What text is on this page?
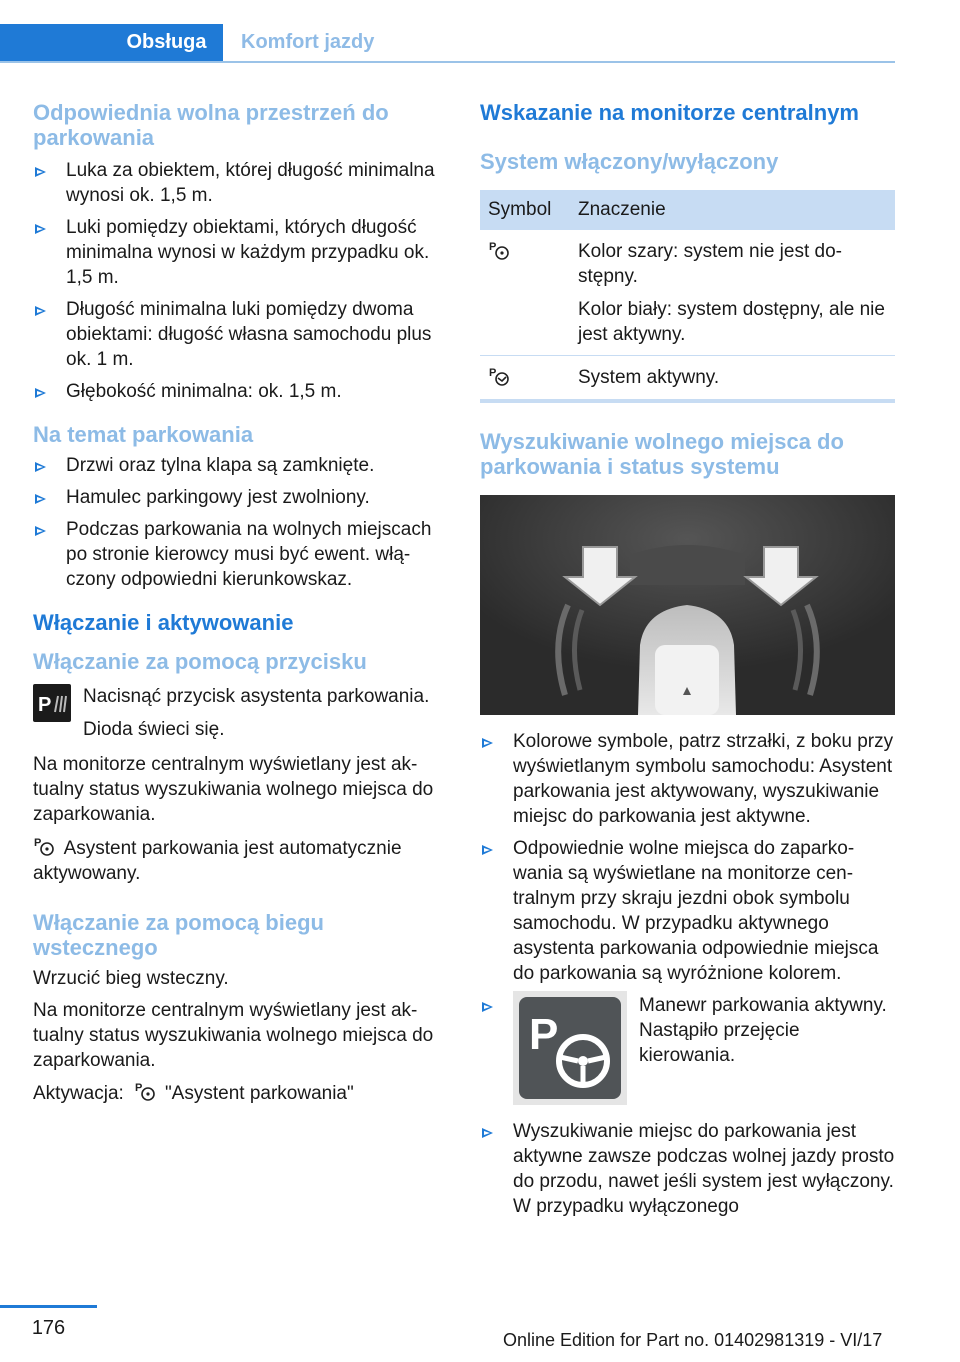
Obsługa Komfort jazdy
Odpowiednia wolna przestrzeń do parkowania
Luka za obiektem, której długość minimalna wynosi ok. 1,5 m.
Luki pomiędzy obiektami, których długość minimalna wynosi w każdym przypadku ok. 1,5 m.
Długość minimalna luki pomiędzy dwoma obiektami: długość własna samochodu plus ok. 1 m.
Głębokość minimalna: ok. 1,5 m.
Na temat parkowania
Drzwi oraz tylna klapa są zamknięte.
Hamulec parkingowy jest zwolniony.
Podczas parkowania na wolnych miejscach po stronie kierowcy musi być ewent. włączony odpowiedni kierunkowskaz.
Włączanie i aktywowanie
Włączanie za pomocą przycisku
P Nacisnąć przycisk asystenta parkowania.

Dioda świeci się.

Na monitorze centralnym wyświetlany jest aktualny status wyszukiwania wolnego miejsca do zaparkowania.

P Asystent parkowania jest automatycznie aktywowany.

Włączanie za pomocą biegu wstecznego

Wrzucić bieg wsteczny.

Na monitorze centralnym wyświetlany jest aktualny status wyszukiwania wolnego miejsca do zaparkowania.

Aktywacja: P "Asystent parkowania"

Wskazanie na monitorze centralnym
System włączony/wyłączony
Symbol	Znaczenie

P	Kolor szary: system nie jest dostępny.

Kolor biały: system dostępny, ale nie jest aktywny.

P	System aktywny.
Wyszukiwanie wolnego miejsca do parkowania i status systemu
Kolorowe symbole, patrz strzałki, z boku przy wyświetlanym symbolu samochodu: Asystent parkowania jest aktywowany, wyszukiwanie miejsc do parkowania jest aktywne.
Odpowiednie wolne miejsca do zaparkowania są wyświetlane na monitorze centralnym przy skraju jezdni obok symbolu samochodu. W przypadku aktywnego asystenta parkowania odpowiednie miejsca do parkowania są wyróżnione kolorem.
P

Manewr parkowania aktywny. Nastąpiło przejęcie kierowania.

Wyszukiwanie miejsc do parkowania jest aktywne zawsze podczas wolnej jazdy prosto do przodu, nawet jeśli system jest wyłączony. W przypadku wyłączonego
176
Online Edition for Part no. 01402981319 - VI/17
